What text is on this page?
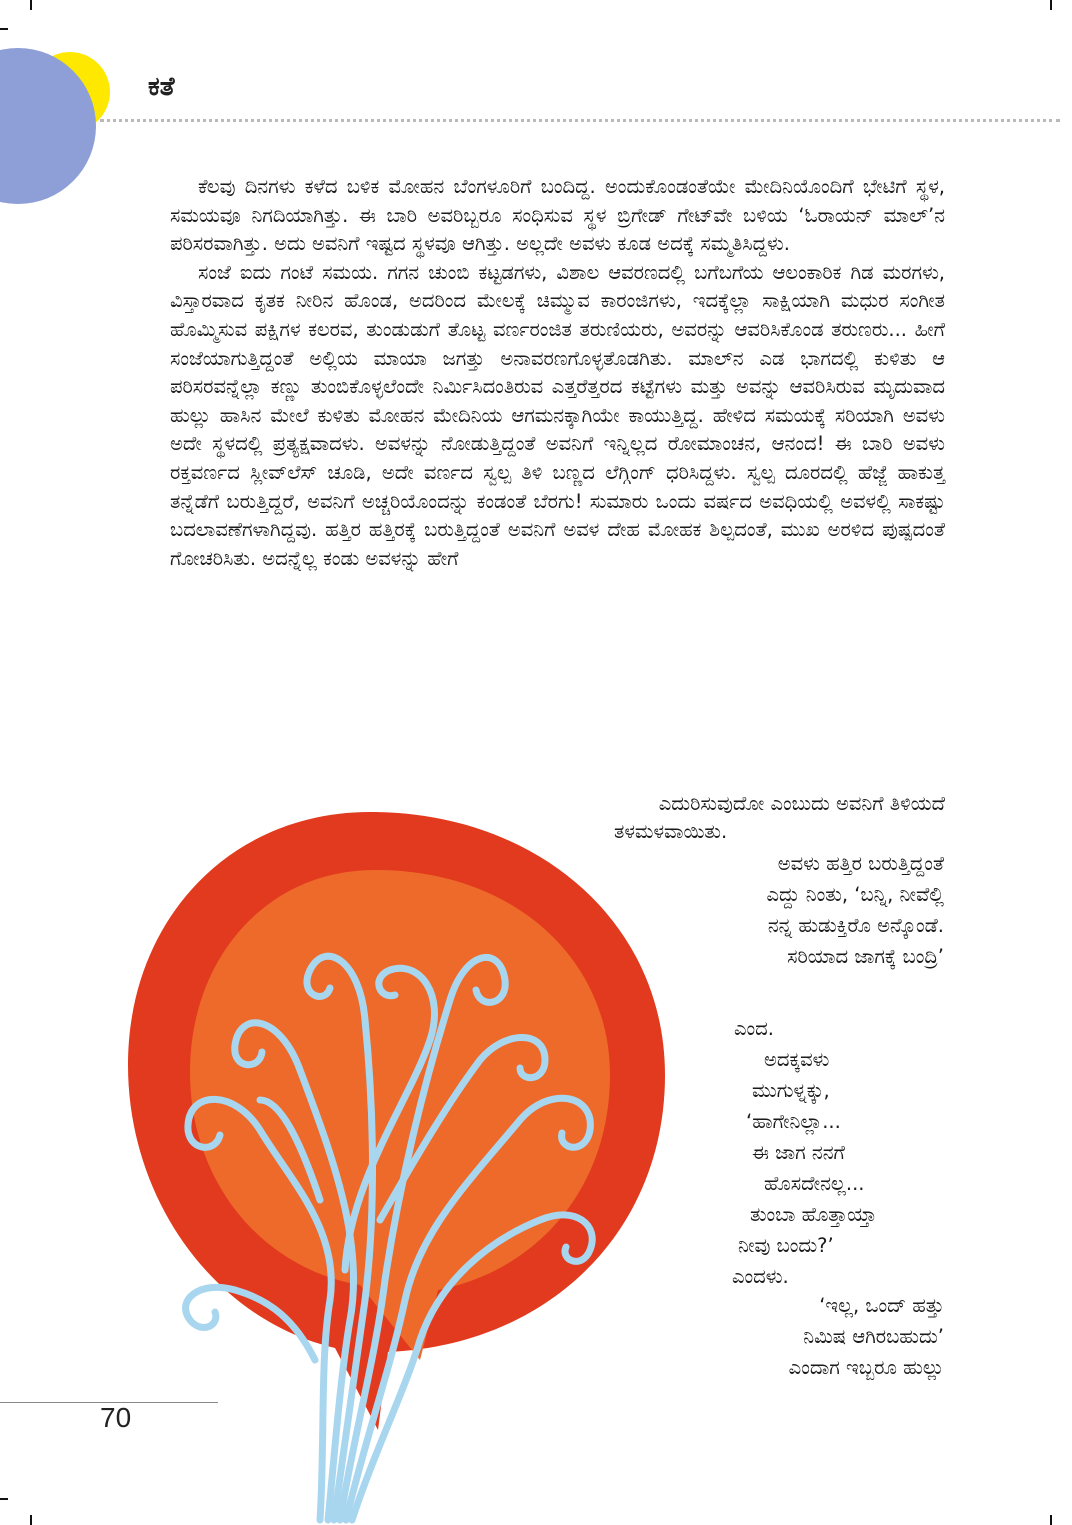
ಕತೆ

ಕೆಲವು ದಿನಗಳು ಕಳೆದ ಬಳಿಕ ಮೋಹನ ಬೆಂಗಳೂರಿಗೆ ಬಂದಿದ್ದ. ಅಂದುಕೊಂಡಂತೆಯೇ ಮೇದಿನಿಯೊಂದಿಗೆ ಭೇಟಿಗೆ ಸ್ಥಳ, ಸಮಯವೂ ನಿಗದಿಯಾಗಿತ್ತು. ಈ ಬಾರಿ ಅವರಿಬ್ಬರೂ ಸಂಧಿಸುವ ಸ್ಥಳ ಬ್ರಿಗೇಡ್ ಗೇಟ್‌ವೇ ಬಳಿಯ ‘ಓರಾಯನ್ ಮಾಲ್’ನ ಪರಿಸರವಾಗಿತ್ತು. ಅದು ಅವನಿಗೆ ಇಷ್ಟದ ಸ್ಥಳವೂ ಆಗಿತ್ತು. ಅಲ್ಲದೇ ಅವಳು ಕೂಡ ಅದಕ್ಕೆ ಸಮ್ಮತಿಸಿದ್ದಳು.

ಸಂಜೆ ಐದು ಗಂಟೆ ಸಮಯ. ಗಗನ ಚುಂಬಿ ಕಟ್ಟಡಗಳು, ವಿಶಾಲ ಆವರಣದಲ್ಲಿ ಬಗೆಬಗೆಯ ಆಲಂಕಾರಿಕ ಗಿಡ ಮರಗಳು, ವಿಸ್ತಾರವಾದ ಕೃತಕ ನೀರಿನ ಹೊಂಡ, ಅದರಿಂದ ಮೇಲಕ್ಕೆ ಚಿಮ್ಮುವ ಕಾರಂಜಿಗಳು, ಇದಕ್ಕೆಲ್ಲಾ ಸಾಕ್ಷಿಯಾಗಿ ಮಧುರ ಸಂಗೀತ ಹೊಮ್ಮಿಸುವ ಪಕ್ಷಿಗಳ ಕಲರವ, ತುಂಡುಡುಗೆ ತೊಟ್ಟ ವರ್ಣರಂಜಿತ ತರುಣಿಯರು, ಅವರನ್ನು ಆವರಿಸಿಕೊಂಡ ತರುಣರು... ಹೀಗೆ ಸಂಜೆಯಾಗುತ್ತಿದ್ದಂತೆ ಅಲ್ಲಿಯ ಮಾಯಾ ಜಗತ್ತು ಅನಾವರಣಗೊಳ್ಳತೊಡಗಿತು. ಮಾಲ್‌ನ ಎಡ ಭಾಗದಲ್ಲಿ ಕುಳಿತು ಆ ಪರಿಸರವನ್ನೆಲ್ಲಾ ಕಣ್ಣು ತುಂಬಿಕೊಳ್ಳಲೆಂದೇ ನಿರ್ಮಿಸಿದಂತಿರುವ ಎತ್ತರೆತ್ತರದ ಕಟ್ಟೆಗಳು ಮತ್ತು ಅವನ್ನು ಆವರಿಸಿರುವ ಮೃದುವಾದ ಹುಲ್ಲು ಹಾಸಿನ ಮೇಲೆ ಕುಳಿತು ಮೋಹನ ಮೇದಿನಿಯ ಆಗಮನಕ್ಕಾಗಿಯೇ ಕಾಯುತ್ತಿದ್ದ. ಹೇಳಿದ ಸಮಯಕ್ಕೆ ಸರಿಯಾಗಿ ಅವಳು ಅದೇ ಸ್ಥಳದಲ್ಲಿ ಪ್ರತ್ಯಕ್ಷವಾದಳು. ಅವಳನ್ನು ನೋಡುತ್ತಿದ್ದಂತೆ ಅವನಿಗೆ ಇನ್ನಿಲ್ಲದ ರೋಮಾಂಚನ, ಆನಂದ! ಈ ಬಾರಿ ಅವಳು ರಕ್ತವರ್ಣದ ಸ್ಲೀವ್‌ಲೆಸ್ ಚೂಡಿ, ಅದೇ ವರ್ಣದ ಸ್ವಲ್ಪ ತಿಳಿ ಬಣ್ಣದ ಲೆಗ್ಗಿಂಗ್ ಧರಿಸಿದ್ದಳು. ಸ್ವಲ್ಪ ದೂರದಲ್ಲಿ ಹೆಜ್ಜೆ ಹಾಕುತ್ತ ತನ್ನೆಡೆಗೆ ಬರುತ್ತಿದ್ದರೆ, ಅವನಿಗೆ ಅಚ್ಚರಿಯೊಂದನ್ನು ಕಂಡಂತೆ ಬೆರಗು! ಸುಮಾರು ಒಂದು ವರ್ಷದ ಅವಧಿಯಲ್ಲಿ ಅವಳಲ್ಲಿ ಸಾಕಷ್ಟು ಬದಲಾವಣೆಗಳಾಗಿದ್ದವು. ಹತ್ತಿರ ಹತ್ತಿರಕ್ಕೆ ಬರುತ್ತಿದ್ದಂತೆ ಅವನಿಗೆ ಅವಳ ದೇಹ ಮೋಹಕ ಶಿಲ್ಪದಂತೆ, ಮುಖ ಅರಳಿದ ಪುಷ್ಪದಂತೆ ಗೋಚರಿಸಿತು. ಅದನ್ನೆಲ್ಲ ಕಂಡು ಅವಳನ್ನು ಹೇಗೆ

ಎದುರಿಸುವುದೋ ಎಂಬುದು ಅವನಿಗೆ ತಿಳಿಯದೆ
ತಳಮಳವಾಯಿತು.
ಅವಳು ಹತ್ತಿರ ಬರುತ್ತಿದ್ದಂತೆ
ಎದ್ದು ನಿಂತು, ‘ಬನ್ನಿ, ನೀವೆಲ್ಲಿ
ನನ್ನ ಹುಡುಕ್ತಿರೊ ಅನ್ಕೊಂಡೆ.
ಸರಿಯಾದ ಜಾಗಕ್ಕೆ ಬಂದ್ರಿ’
ಎಂದ.
ಅದಕ್ಕವಳು
ಮುಗುಳ್ನಕ್ಕು,
‘ಹಾಗೇನಿಲ್ಲಾ...
ಈ ಜಾಗ ನನಗೆ
ಹೊಸದೇನಲ್ಲ...
ತುಂಬಾ ಹೊತ್ತಾಯ್ತಾ
ನೀವು ಬಂದು?’
ಎಂದಳು.
‘ಇಲ್ಲ, ಒಂದ್ ಹತ್ತು
ನಿಮಿಷ ಆಗಿರಬಹುದು’
ಎಂದಾಗ ಇಬ್ಬರೂ ಹುಲ್ಲು
70
